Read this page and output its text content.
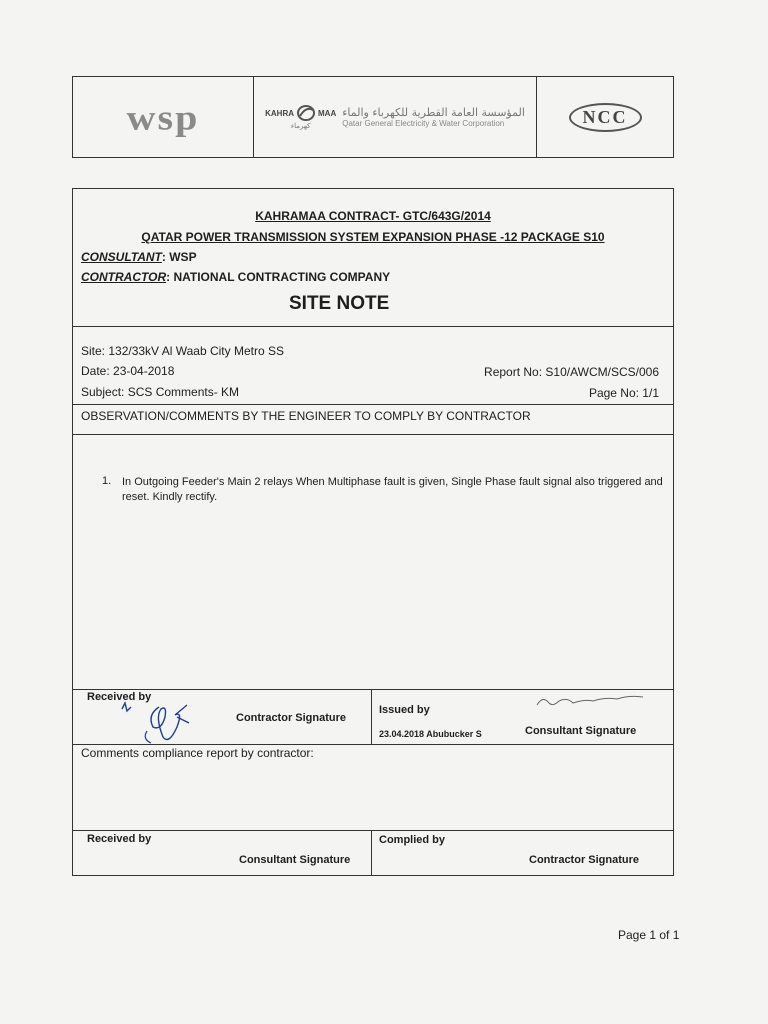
wsp	KAHRA	MAA
كهرماء
المؤسسة العامة القطرية للكهرباء والماء
Qatar General Electricity & Water Corporation	NCC
KAHRAMAA CONTRACT- GTC/643G/2014
QATAR POWER TRANSMISSION SYSTEM EXPANSION PHASE -12 PACKAGE S10
CONSULTANT: WSP
CONTRACTOR: NATIONAL CONTRACTING COMPANY
SITE NOTE
Site: 132/33kV Al Waab City Metro SS
Date: 23-04-2018
Subject: SCS Comments- KM
Report No: S10/AWCM/SCS/006
Page No: 1/1
OBSERVATION/COMMENTS BY THE ENGINEER TO COMPLY BY CONTRACTOR
1. In Outgoing Feeder's Main 2 relays When Multiphase fault is given, Single Phase fault signal also triggered and reset. Kindly rectify.
Received by
Contractor Signature
Issued by
23.04.2018 Abubucker S	Consultant Signature
Comments compliance report by contractor:
Received by
Consultant Signature
Complied by
Contractor Signature
Page 1 of 1
